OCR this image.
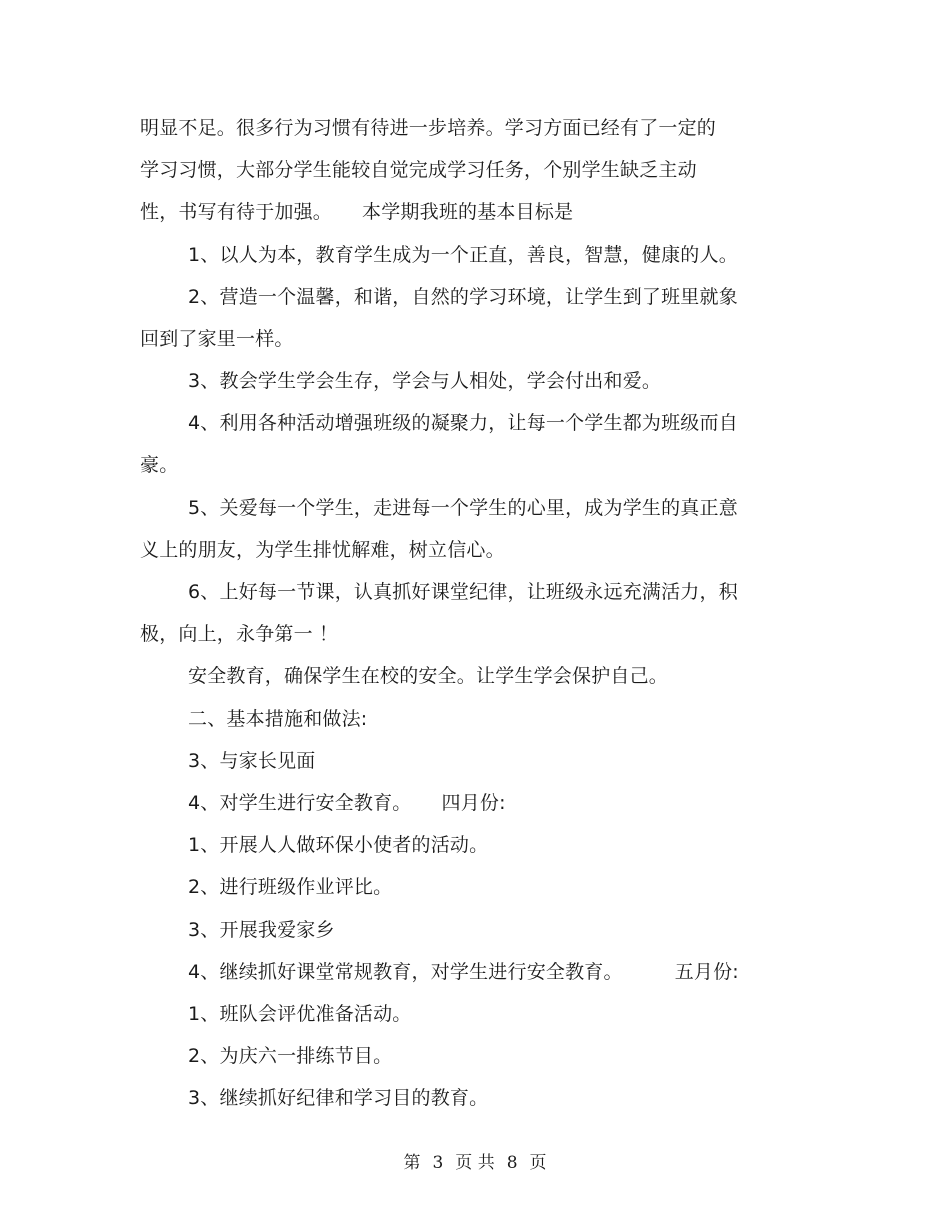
明显不足。很多行为习惯有待进一步培养。学习方面已经有了一定的
学习习惯，大部分学生能较自觉完成学习任务，个别学生缺乏主动
性，书写有待于加强。 本学期我班的基本目标是
1、以人为本，教育学生成为一个正直，善良，智慧，健康的人。
2、营造一个温馨，和谐，自然的学习环境，让学生到了班里就象
回到了家里一样。
3、教会学生学会生存，学会与人相处，学会付出和爱。
4、利用各种活动增强班级的凝聚力，让每一个学生都为班级而自
豪。
5、关爱每一个学生，走进每一个学生的心里，成为学生的真正意
义上的朋友，为学生排忧解难，树立信心。
6、上好每一节课，认真抓好课堂纪律，让班级永远充满活力，积
极，向上，永争第一 ！
安全教育，确保学生在校的安全。让学生学会保护自己。
二、基本措施和做法:
3、与家长见面
4、对学生进行安全教育。 四月份:
1、开展人人做环保小使者的活动。
2、进行班级作业评比。
3、开展我爱家乡
4、继续抓好课堂常规教育，对学生进行安全教育。	五月份:
1、班队会评优准备活动。
2、为庆六一排练节目。
3、继续抓好纪律和学习目的教育。
第 3 页 共 8 页
